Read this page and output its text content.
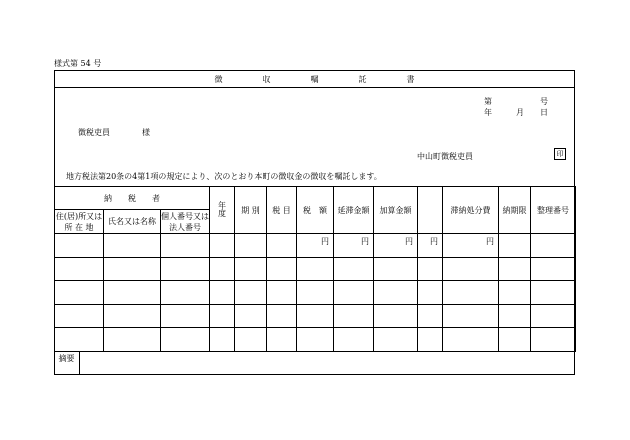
様式第 54 号
徴収嘱託書
第　　　　　　号
年　　　月　　日
徴税吏員　　　　様
中山町徴税吏員	印
地方税法第20条の4第1項の規定により、次のとおり本町の徴収金の徴収を嘱託します。
納　　税　　者			年度	期 別	税 目	税　額	延滞金額	加算金額		滞納処分費	納期限	整理番号
住(居)所又は 所 在 地	氏名又は名称	個人番号又は法人番号										
						円	円	円	円	円		

摘要
